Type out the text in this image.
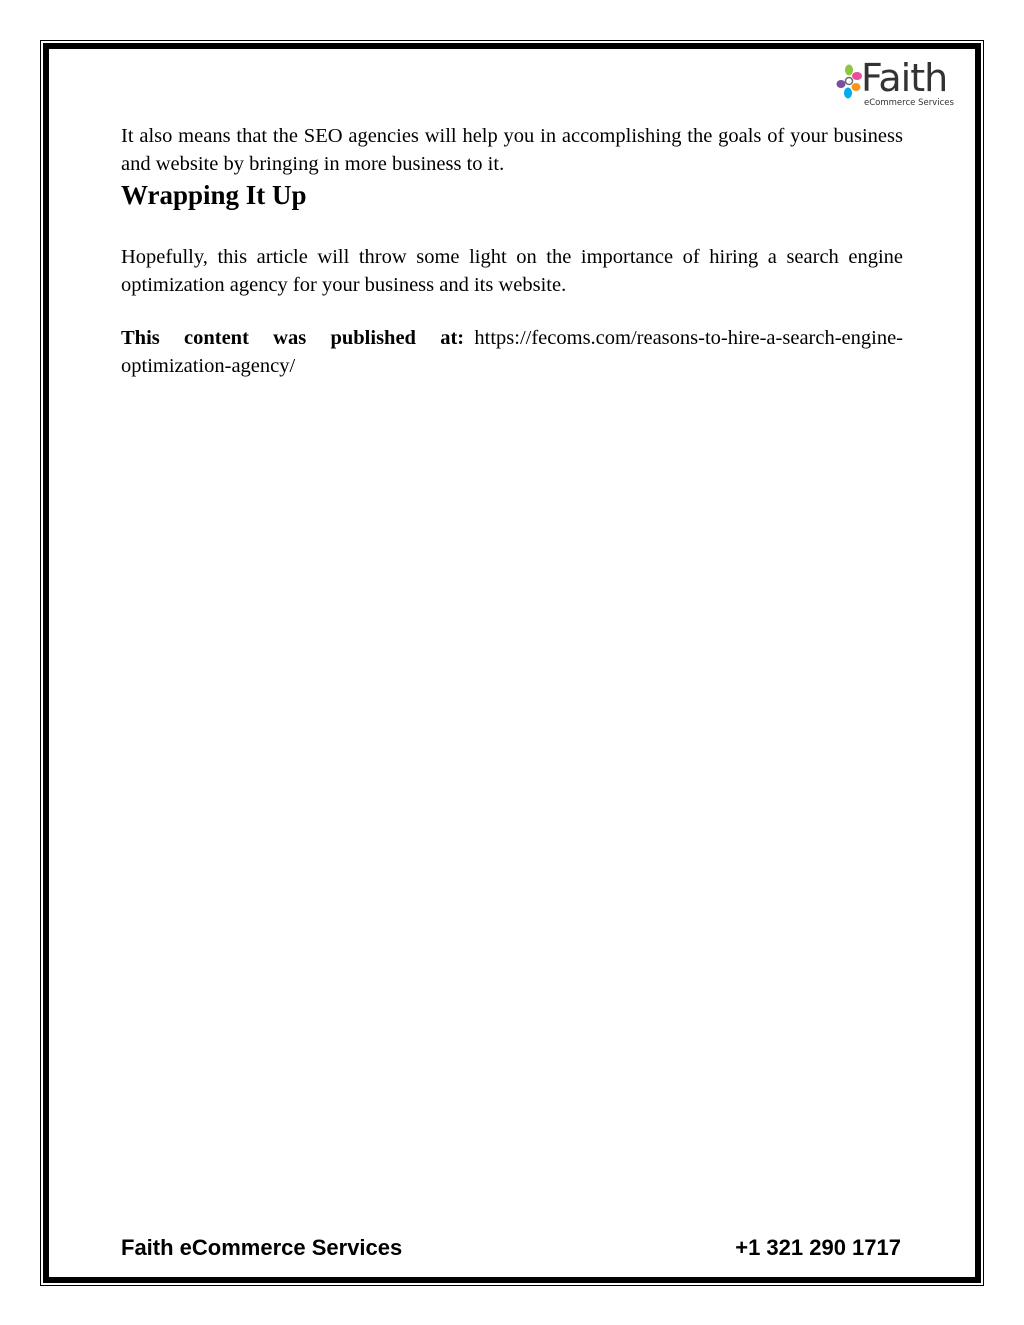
Faith
eCommerce Services

It also means that the SEO agencies will help you in accomplishing the goals of your business and website by bringing in more business to it.

Wrapping It Up

Hopefully, this article will throw some light on the importance of hiring a search engine optimization agency for your business and its website.

This content was published at: https://fecoms.com/reasons-to-hire-a-search-engine-optimization-agency/

Faith eCommerce Services	+1 321 290 1717
